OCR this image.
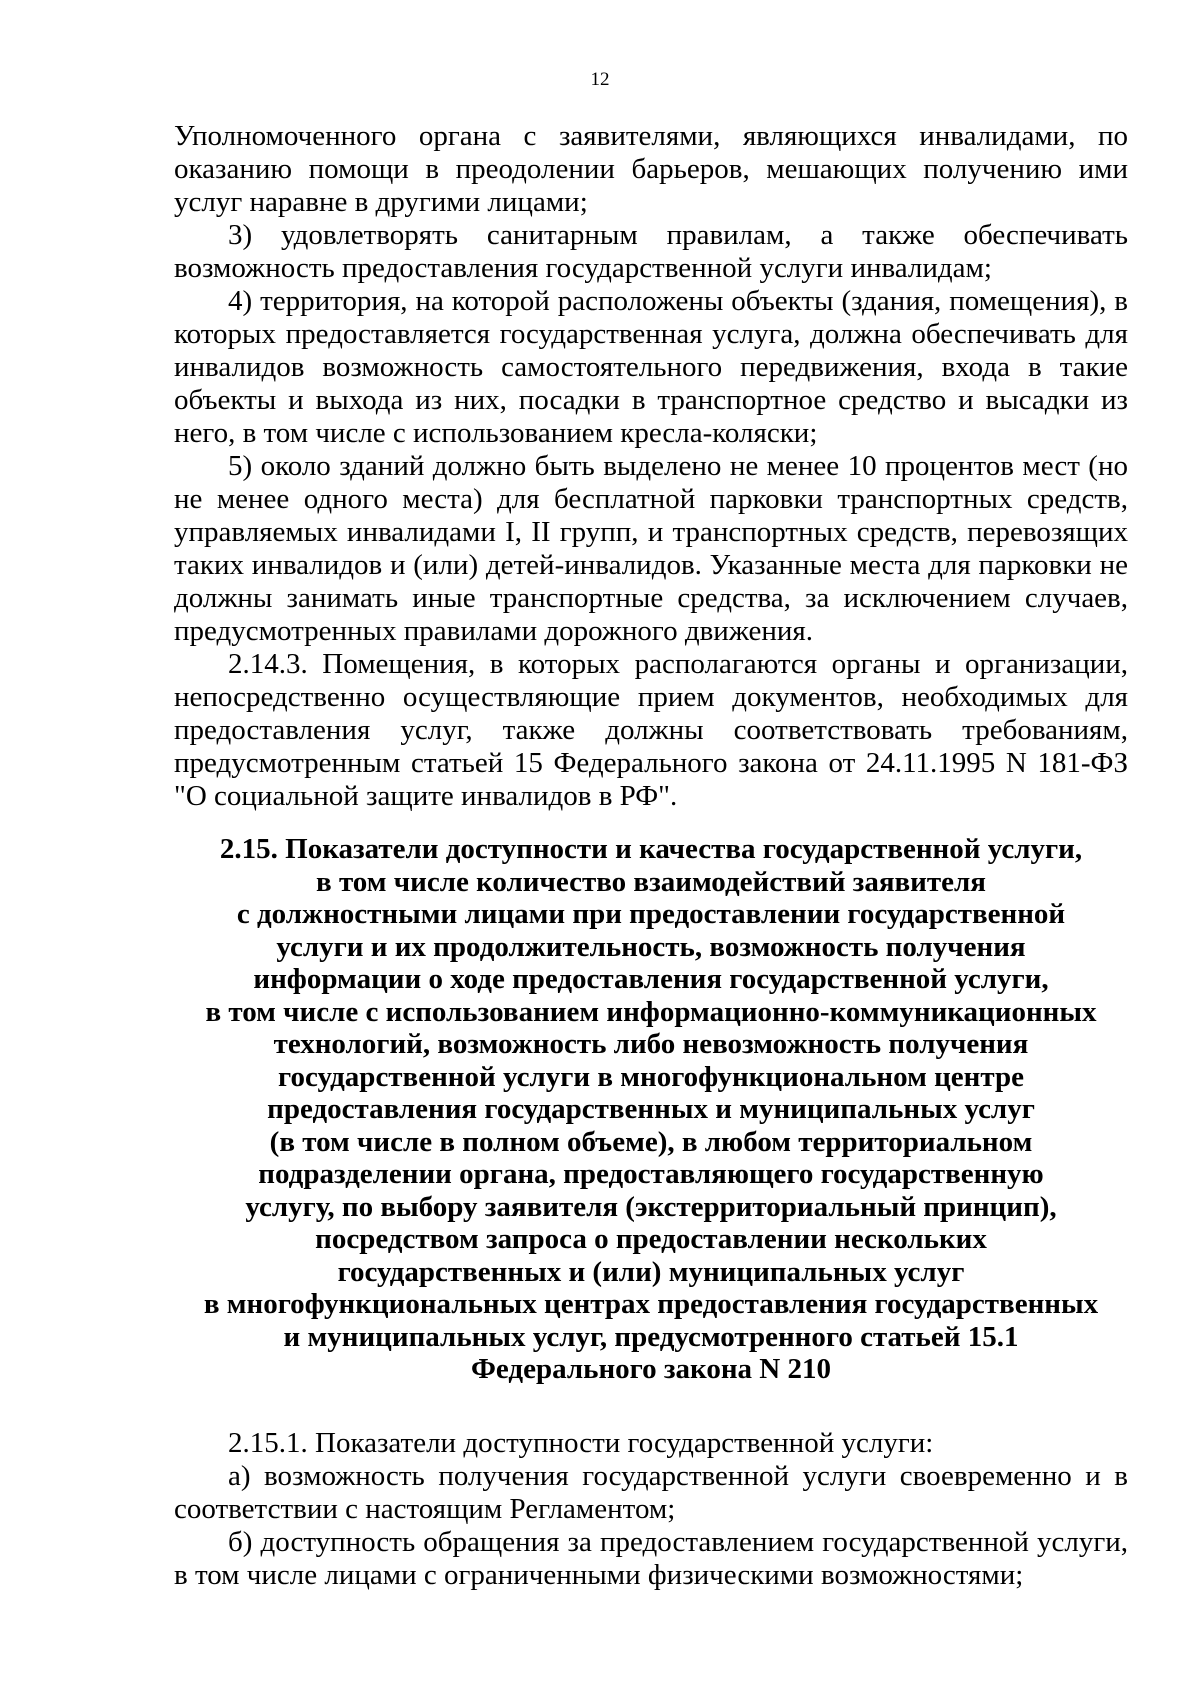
12

Уполномоченного органа с заявителями, являющихся инвалидами, по оказанию помощи в преодолении барьеров, мешающих получению ими услуг наравне в другими лицами;

3) удовлетворять санитарным правилам, а также обеспечивать возможность предоставления государственной услуги инвалидам;

4) территория, на которой расположены объекты (здания, помещения), в которых предоставляется государственная услуга, должна обеспечивать для инвалидов возможность самостоятельного передвижения, входа в такие объекты и выхода из них, посадки в транспортное средство и высадки из него, в том числе с использованием кресла-коляски;

5) около зданий должно быть выделено не менее 10 процентов мест (но не менее одного места) для бесплатной парковки транспортных средств, управляемых инвалидами I, II групп, и транспортных средств, перевозящих таких инвалидов и (или) детей-инвалидов. Указанные места для парковки не должны занимать иные транспортные средства, за исключением случаев, предусмотренных правилами дорожного движения.

2.14.3. Помещения, в которых располагаются органы и организации, непосредственно осуществляющие прием документов, необходимых для предоставления услуг, также должны соответствовать требованиям, предусмотренным статьей 15 Федерального закона от 24.11.1995 N 181-ФЗ "О социальной защите инвалидов в РФ".

2.15. Показатели доступности и качества государственной услуги,
в том числе количество взаимодействий заявителя
с должностными лицами при предоставлении государственной
услуги и их продолжительность, возможность получения
информации о ходе предоставления государственной услуги,
в том числе с использованием информационно-коммуникационных
технологий, возможность либо невозможность получения
государственной услуги в многофункциональном центре
предоставления государственных и муниципальных услуг
(в том числе в полном объеме), в любом территориальном
подразделении органа, предоставляющего государственную
услугу, по выбору заявителя (экстерриториальный принцип),
посредством запроса о предоставлении нескольких
государственных и (или) муниципальных услуг
в многофункциональных центрах предоставления государственных
и муниципальных услуг, предусмотренного статьей 15.1
Федерального закона N 210

2.15.1. Показатели доступности государственной услуги:

а) возможность получения государственной услуги своевременно и в соответствии с настоящим Регламентом;

б) доступность обращения за предоставлением государственной услуги, в том числе лицами с ограниченными физическими возможностями;
